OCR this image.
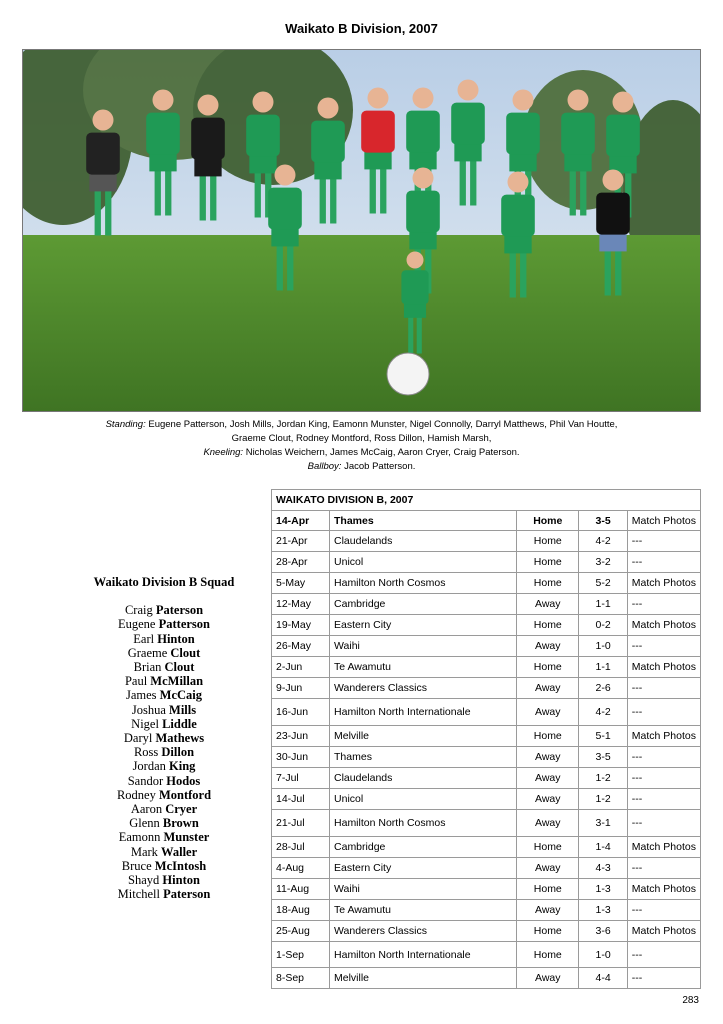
Waikato B Division, 2007
Standing: Eugene Patterson, Josh Mills, Jordan King, Eamonn Munster, Nigel Connolly, Darryl Matthews, Phil Van Houtte,
Graeme Clout, Rodney Montford, Ross Dillon, Hamish Marsh,
Kneeling: Nicholas Weichern, James McCaig, Aaron Cryer, Craig Paterson.
Ballboy: Jacob Patterson.
Waikato Division B Squad
Craig Paterson
Eugene Patterson
Earl Hinton
Graeme Clout
Brian Clout
Paul McMillan
James McCaig
Joshua Mills
Nigel Liddle
Daryl Mathews
Ross Dillon
Jordan King
Sandor Hodos
Rodney Montford
Aaron Cryer
Glenn Brown
Eamonn Munster
Mark Waller
Bruce McIntosh
Shayd Hinton
Mitchell Paterson
WAIKATO DIVISION B, 2007				
14-Apr	Thames	Home	3-5	Match Photos
21-Apr	Claudelands	Home	4-2	---
28-Apr	Unicol	Home	3-2	---
5-May	Hamilton North Cosmos	Home	5-2	Match Photos
12-May	Cambridge	Away	1-1	---
19-May	Eastern City	Home	0-2	Match Photos
26-May	Waihi	Away	1-0	---
2-Jun	Te Awamutu	Home	1-1	Match Photos
9-Jun	Wanderers Classics	Away	2-6	---
16-Jun	Hamilton North Internationale	Away	4-2	---
23-Jun	Melville	Home	5-1	Match Photos
30-Jun	Thames	Away	3-5	---
7-Jul	Claudelands	Away	1-2	---
14-Jul	Unicol	Away	1-2	---
21-Jul	Hamilton North Cosmos	Away	3-1	---
28-Jul	Cambridge	Home	1-4	Match Photos
4-Aug	Eastern City	Away	4-3	---
11-Aug	Waihi	Home	1-3	Match Photos
18-Aug	Te Awamutu	Away	1-3	---
25-Aug	Wanderers Classics	Home	3-6	Match Photos
1-Sep	Hamilton North Internationale	Home	1-0	---
8-Sep	Melville	Away	4-4	---
283
